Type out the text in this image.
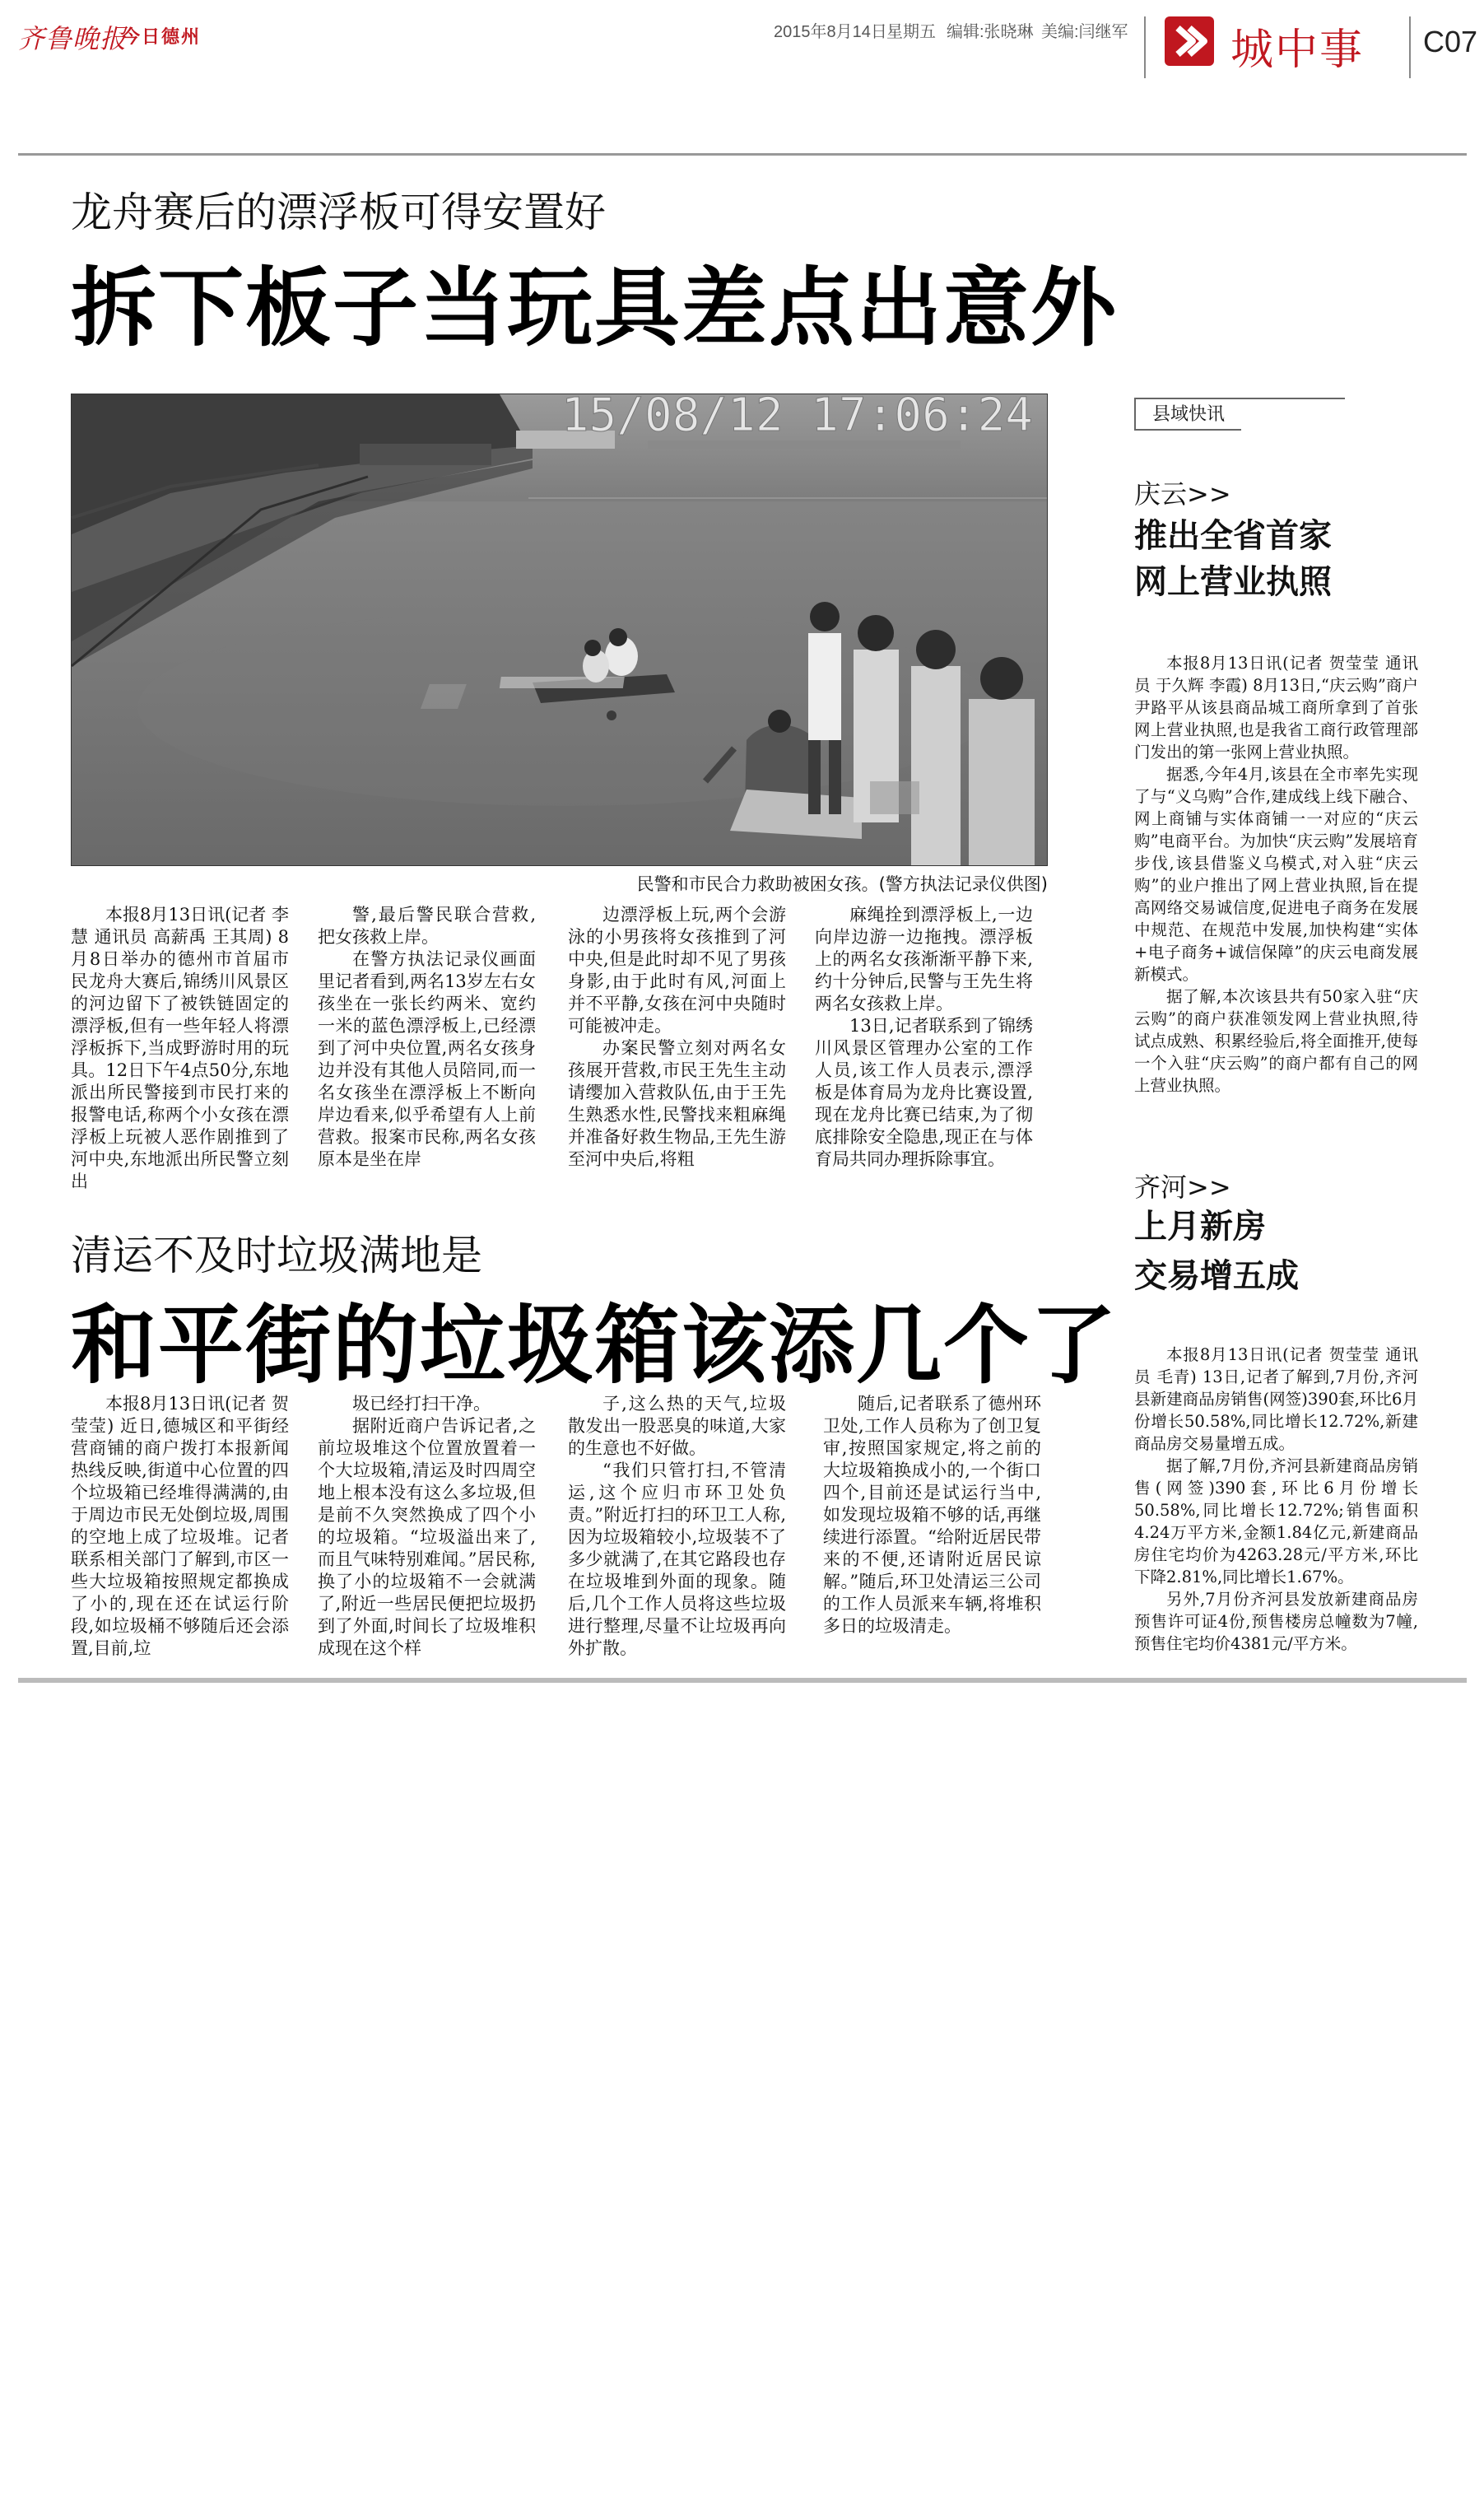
齐鲁晚报
今日德州	2015年8月14日 星期五 编辑:张晓琳 美编:闫继军 城中事 C07
龙舟赛后的漂浮板可得安置好
拆下板子当玩具差点出意外
15/08/12 17:06:24
民警和市民合力救助被困女孩。(警方执法记录仪供图)

本报8月13日讯(记者 李慧 通讯员 高薪禹 王其周) 8月8日举办的德州市首届市民龙舟大赛后,锦绣川风景区的河边留下了被铁链固定的漂浮板,但有一些年轻人将漂浮板拆下,当成野游时用的玩具。12日下午4点50分,东地派出所民警接到市民打来的报警电话,称两个小女孩在漂浮板上玩被人恶作剧推到了河中央,东地派出所民警立刻出

警,最后警民联合营救,把女孩救上岸。

在警方执法记录仪画面里记者看到,两名13岁左右女孩坐在一张长约两米、宽约一米的蓝色漂浮板上,已经漂到了河中央位置,两名女孩身边并没有其他人员陪同,而一名女孩坐在漂浮板上不断向岸边看来,似乎希望有人上前营救。报案市民称,两名女孩原本是坐在岸

边漂浮板上玩,两个会游泳的小男孩将女孩推到了河中央,但是此时却不见了男孩身影,由于此时有风,河面上并不平静,女孩在河中央随时可能被冲走。

办案民警立刻对两名女孩展开营救,市民王先生主动请缨加入营救队伍,由于王先生熟悉水性,民警找来粗麻绳并准备好救生物品,王先生游至河中央后,将粗

麻绳拴到漂浮板上,一边向岸边游一边拖拽。漂浮板上的两名女孩渐渐平静下来,约十分钟后,民警与王先生将两名女孩救上岸。

13日,记者联系到了锦绣川风景区管理办公室的工作人员,该工作人员表示,漂浮板是体育局为龙舟比赛设置,现在龙舟比赛已结束,为了彻底排除安全隐患,现正在与体育局共同办理拆除事宜。

清运不及时垃圾满地是
和平街的垃圾箱该添几个了

本报8月13日讯(记者 贺莹莹) 近日,德城区和平街经营商铺的商户拨打本报新闻热线反映,街道中心位置的四个垃圾箱已经堆得满满的,由于周边市民无处倒垃圾,周围的空地上成了垃圾堆。记者联系相关部门了解到,市区一些大垃圾箱按照规定都换成了小的,现在还在试运行阶段,如垃圾桶不够随后还会添置,目前,垃

圾已经打扫干净。

据附近商户告诉记者,之前垃圾堆这个位置放置着一个大垃圾箱,清运及时四周空地上根本没有这么多垃圾,但是前不久突然换成了四个小的垃圾箱。“垃圾溢出来了,而且气味特别难闻。”居民称,换了小的垃圾箱不一会就满了,附近一些居民便把垃圾扔到了外面,时间长了垃圾堆积成现在这个样

子,这么热的天气,垃圾散发出一股恶臭的味道,大家的生意也不好做。

“我们只管打扫,不管清运,这个应归市环卫处负责。”附近打扫的环卫工人称,因为垃圾箱较小,垃圾装不了多少就满了,在其它路段也存在垃圾堆到外面的现象。随后,几个工作人员将这些垃圾进行整理,尽量不让垃圾再向外扩散。

随后,记者联系了德州环卫处,工作人员称为了创卫复审,按照国家规定,将之前的大垃圾箱换成小的,一个街口四个,目前还是试运行当中,如发现垃圾箱不够的话,再继续进行添置。“给附近居民带来的不便,还请附近居民谅解。”随后,环卫处清运三公司的工作人员派来车辆,将堆积多日的垃圾清走。

县域快讯
庆云>>
推出全省首家
网上营业执照

本报8月13日讯(记者 贺莹莹 通讯员 于久辉 李霞) 8月13日,“庆云购”商户尹路平从该县商品城工商所拿到了首张网上营业执照,也是我省工商行政管理部门发出的第一张网上营业执照。

据悉,今年4月,该县在全市率先实现了与“义乌购”合作,建成线上线下融合、网上商铺与实体商铺一一对应的“庆云购”电商平台。为加快“庆云购”发展培育步伐,该县借鉴义乌模式,对入驻“庆云购”的业户推出了网上营业执照,旨在提高网络交易诚信度,促进电子商务在发展中规范、在规范中发展,加快构建“实体+电子商务+诚信保障”的庆云电商发展新模式。

据了解,本次该县共有50家入驻“庆云购”的商户获准领发网上营业执照,待试点成熟、积累经验后,将全面推开,使每一个入驻“庆云购”的商户都有自己的网上营业执照。

齐河>>
上月新房
交易增五成

本报8月13日讯(记者 贺莹莹 通讯员 毛青) 13日,记者了解到,7月份,齐河县新建商品房销售(网签)390套,环比6月份增长50.58%,同比增长12.72%,新建商品房交易量增五成。

据了解,7月份,齐河县新建商品房销售(网签)390套,环比6月份增长50.58%,同比增长12.72%;销售面积4.24万平方米,金额1.84亿元,新建商品房住宅均价为4263.28元/平方米,环比下降2.81%,同比增长1.67%。

另外,7月份齐河县发放新建商品房预售许可证4份,预售楼房总幢数为7幢,预售住宅均价4381元/平方米。
